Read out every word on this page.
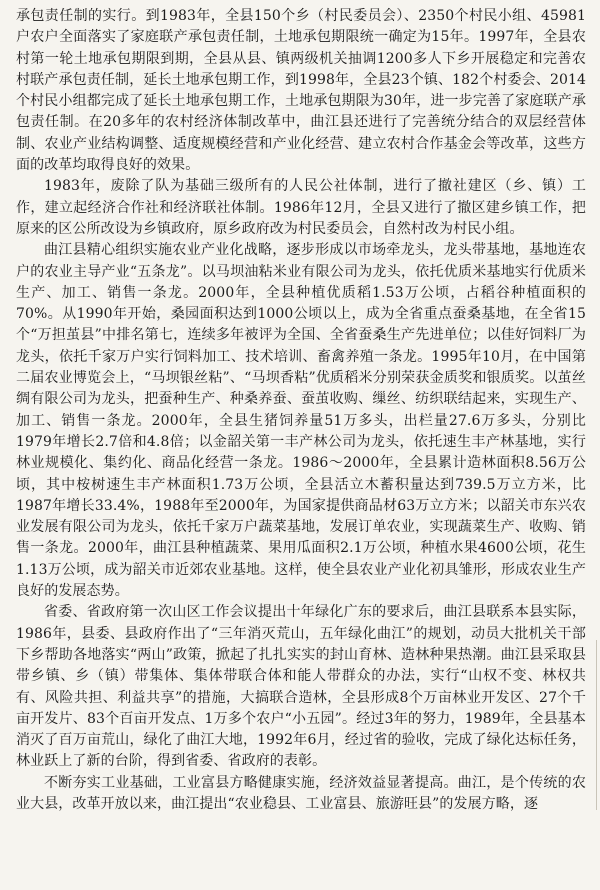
承包责任制的实行。到1983年，全县150个乡（村民委员会）、2350个村民小组、45981户农户全面落实了家庭联产承包责任制，土地承包期限统一确定为15年。1997年，全县农村第一轮土地承包期限到期，全县从县、镇两级机关抽调1200多人下乡开展稳定和完善农村联产承包责任制，延长土地承包期工作，到1998年，全县23个镇、182个村委会、2014个村民小组都完成了延长土地承包期工作，土地承包期限为30年，进一步完善了家庭联产承包责任制。在20多年的农村经济体制改革中，曲江县还进行了完善统分结合的双层经营体制、农业产业结构调整、适度规模经营和产业化经营、建立农村合作基金会等改革，这些方面的改革均取得良好的效果。

1983年，废除了队为基础三级所有的人民公社体制，进行了撤社建区（乡、镇）工作，建立起经济合作社和经济联社体制。1986年12月，全县又进行了撤区建乡镇工作，把原来的区公所改设为乡镇政府，原乡政府改为村民委员会，自然村改为村民小组。

曲江县精心组织实施农业产业化战略，逐步形成以市场牵龙头，龙头带基地，基地连农户的农业主导产业“五条龙”。以马坝油粘米业有限公司为龙头，依托优质米基地实行优质米生产、加工、销售一条龙。2000年，全县种植优质稻1.53万公顷，占稻谷种植面积的70%。从1990年开始，桑园面积达到1000公顷以上，成为全省重点蚕桑基地，在全省15个“万担茧县”中排名第七，连续多年被评为全国、全省蚕桑生产先进单位；以佳好饲料厂为龙头，依托千家万户实行饲料加工、技术培训、畜禽养殖一条龙。1995年10月，在中国第二届农业博览会上，“马坝银丝粘”、“马坝香粘”优质稻米分别荣获金质奖和银质奖。以茧丝绸有限公司为龙头，把蚕种生产、种桑养蚕、蚕茧收购、缫丝、纺织联结起来，实现生产、加工、销售一条龙。2000年，全县生猪饲养量51万多头，出栏量27.6万多头，分别比1979年增长2.7倍和4.8倍；以金韶关第一丰产林公司为龙头，依托速生丰产林基地，实行林业规模化、集约化、商品化经营一条龙。1986～2000年，全县累计造林面积8.56万公顷，其中桉树速生丰产林面积1.73万公顷，全县活立木蓄积量达到739.5万立方米，比1987年增长33.4%，1988年至2000年，为国家提供商品材63万立方米；以韶关市东兴农业发展有限公司为龙头，依托千家万户蔬菜基地，发展订单农业，实现蔬菜生产、收购、销售一条龙。2000年，曲江县种植蔬菜、果用瓜面积2.1万公顷，种植水果4600公顷，花生1.13万公顷，成为韶关市近郊农业基地。这样，使全县农业产业化初具雏形，形成农业生产良好的发展态势。

省委、省政府第一次山区工作会议提出十年绿化广东的要求后，曲江县联系本县实际，1986年，县委、县政府作出了“三年消灭荒山，五年绿化曲江”的规划，动员大批机关干部下乡帮助各地落实“两山”政策，掀起了扎扎实实的封山育林、造林种果热潮。曲江县采取县带乡镇、乡（镇）带集体、集体带联合体和能人带群众的办法，实行“山权不变、林权共有、风险共担、利益共享”的措施，大搞联合造林，全县形成8个万亩林业开发区、27个千亩开发片、83个百亩开发点、1万多个农户“小五园”。经过3年的努力，1989年，全县基本消灭了百万亩荒山，绿化了曲江大地，1992年6月，经过省的验收，完成了绿化达标任务，林业跃上了新的台阶，得到省委、省政府的表彰。

不断夯实工业基础，工业富县方略健康实施，经济效益显著提高。曲江，是个传统的农业大县，改革开放以来，曲江提出“农业稳县、工业富县、旅游旺县”的发展方略，逐
